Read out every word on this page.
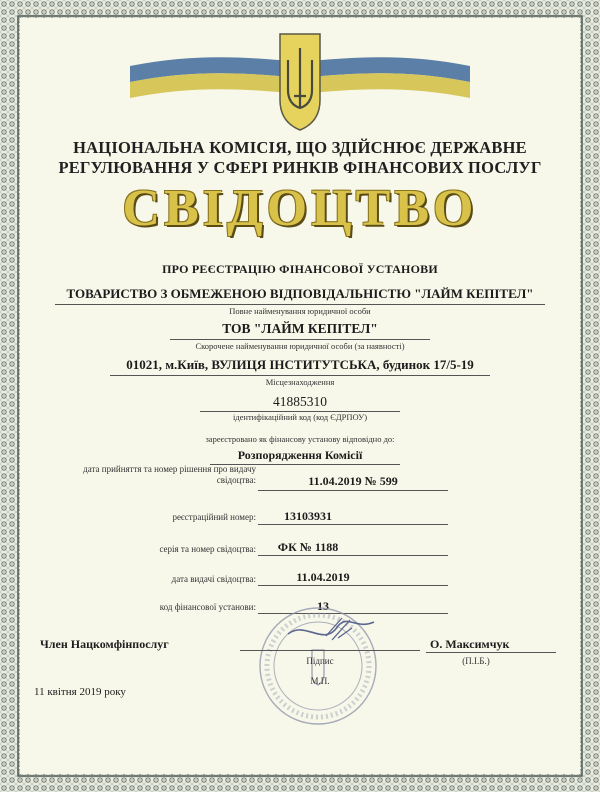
НАЦІОНАЛЬНА КОМІСІЯ, ЩО ЗДІЙСНЮЄ ДЕРЖАВНЕ
РЕГУЛЮВАННЯ У СФЕРІ РИНКІВ ФІНАНСОВИХ ПОСЛУГ
СВІДОЦТВО
ПРО РЕЄСТРАЦІЮ ФІНАНСОВОЇ УСТАНОВИ
ТОВАРИСТВО З ОБМЕЖЕНОЮ ВІДПОВІДАЛЬНІСТЮ "ЛАЙМ КЕПІТЕЛ"
Повне найменування юридичної особи
ТОВ "ЛАЙМ КЕПІТЕЛ"
Скорочене найменування юридичної особи (за наявності)
01021, м.Київ, ВУЛИЦЯ ІНСТИТУТСЬКА, будинок 17/5-19
Місцезнаходження
41885310
ідентифікаційний код (код ЄДРПОУ)
зареєстровано як фінансову установу відповідно до:
Розпорядження Комісії
дата прийняття та номер рішення про видачу
свідоцтва:	11.04.2019 № 599
реєстраційний номер:	13103931
серія та номер свідоцтва:	ФК № 1188
дата видачі свідоцтва:	11.04.2019
код фінансової установи:	13
Член Нацкомфінпослуг
Підпис
М.П.
О. Максимчук
(П.І.Б.)
11 квітня 2019 року
